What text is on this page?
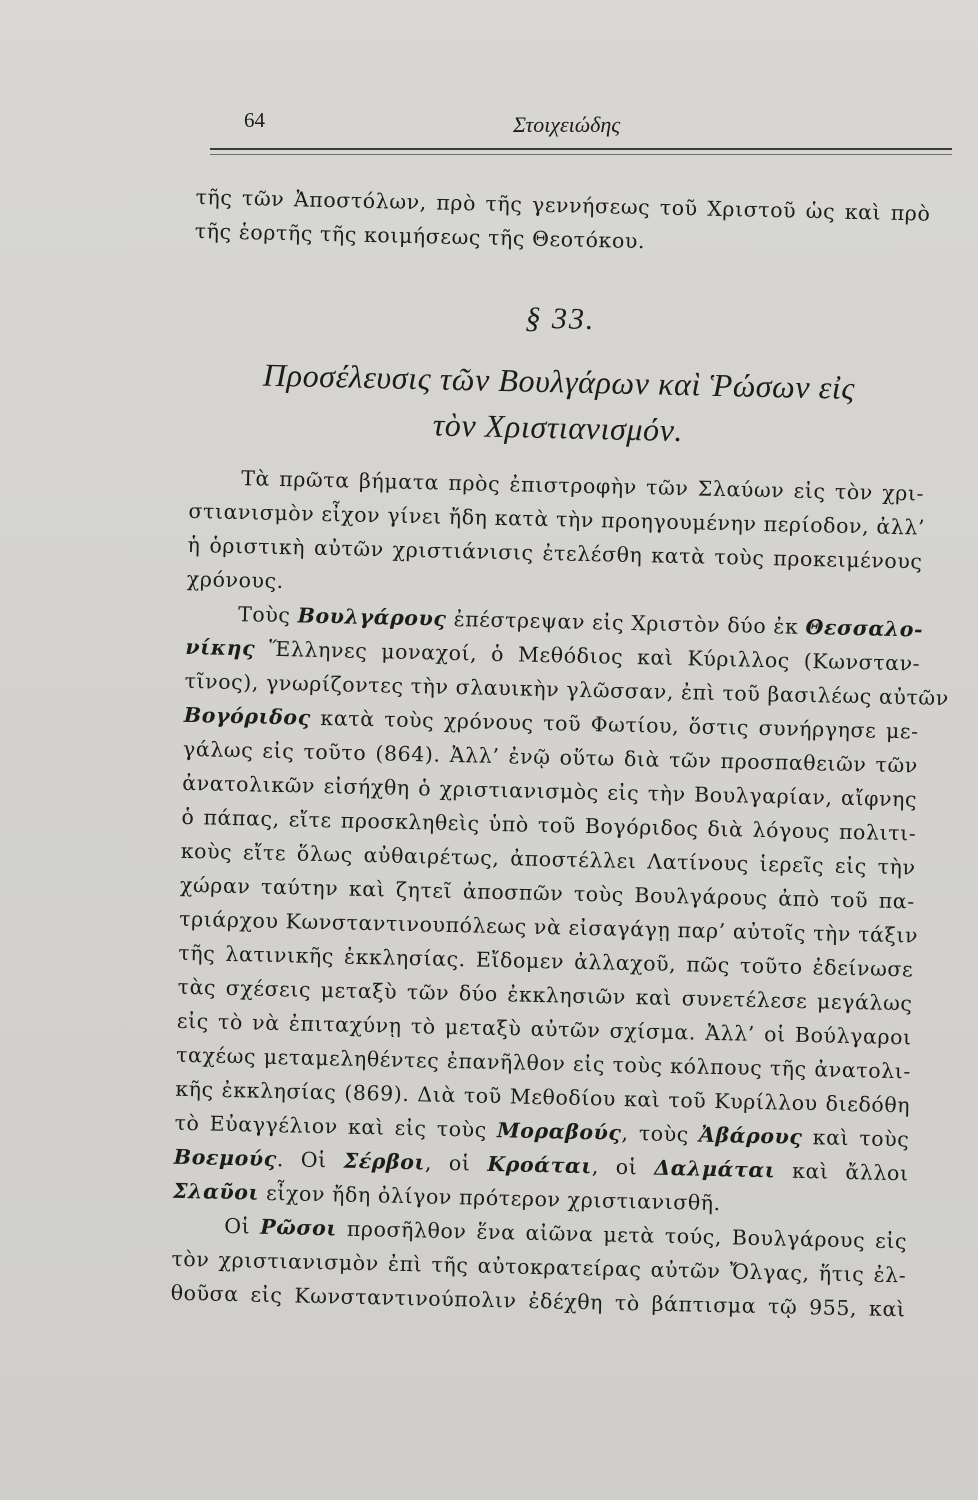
64	Στοιχειώδης
τῆς τῶν Ἀποστόλων, πρὸ τῆς γεννήσεως τοῦ Χριστοῦ ὡς καὶ πρὸ
τῆς ἑορτῆς τῆς κοιμήσεως τῆς Θεοτόκου.
§ 33.
Προσέλευσις τῶν Βουλγάρων καὶ Ῥώσων εἰς
τὸν Χριστιανισμόν.
Τὰ πρῶτα βήματα πρὸς ἐπιστροφὴν τῶν Σλαύων εἰς τὸν χρι-
στιανισμὸν εἶχον γίνει ἤδη κατὰ τὴν προηγουμένην περίοδον, ἀλλ’
ἡ ὁριστικὴ αὐτῶν χριστιάνισις ἐτελέσθη κατὰ τοὺς προκειμένους
χρόνους.
Τοὺς Βουλγάρους ἐπέστρεψαν εἰς Χριστὸν δύο ἐκ Θεσσαλο-
νίκης Ἕλληνες μοναχοί, ὁ Μεθόδιος καὶ Κύριλλος (Κωνσταν-
τῖνος), γνωρίζοντες τὴν σλαυικὴν γλῶσσαν, ἐπὶ τοῦ βασιλέως αὐτῶν
Βογόριδος κατὰ τοὺς χρόνους τοῦ Φωτίου, ὅστις συνήργησε με-
γάλως εἰς τοῦτο (864). Ἀλλ’ ἐνῷ οὕτω διὰ τῶν προσπαθειῶν τῶν
ἀνατολικῶν εἰσήχθη ὁ χριστιανισμὸς εἰς τὴν Βουλγαρίαν, αἴφνης
ὁ πάπας, εἴτε προσκληθεὶς ὑπὸ τοῦ Βογόριδος διὰ λόγους πολιτι-
κοὺς εἴτε ὅλως αὐθαιρέτως, ἀποστέλλει Λατίνους ἱερεῖς εἰς τὴν
χώραν ταύτην καὶ ζητεῖ ἀποσπῶν τοὺς Βουλγάρους ἀπὸ τοῦ πα-
τριάρχου Κωνσταντινουπόλεως νὰ εἰσαγάγῃ παρ’ αὐτοῖς τὴν τάξιν
τῆς λατινικῆς ἐκκλησίας. Εἴδομεν ἀλλαχοῦ, πῶς τοῦτο ἐδείνωσε
τὰς σχέσεις μεταξὺ τῶν δύο ἐκκλησιῶν καὶ συνετέλεσε μεγάλως
εἰς τὸ νὰ ἐπιταχύνῃ τὸ μεταξὺ αὐτῶν σχίσμα. Ἀλλ’ οἱ Βούλγαροι
ταχέως μεταμεληθέντες ἐπανῆλθον εἰς τοὺς κόλπους τῆς ἀνατολι-
κῆς ἐκκλησίας (869). Διὰ τοῦ Μεθοδίου καὶ τοῦ Κυρίλλου διεδόθη
τὸ Εὐαγγέλιον καὶ εἰς τοὺς Μοραβούς, τοὺς Ἀβάρους καὶ τοὺς
Βοεμούς. Οἱ Σέρβοι, οἱ Κροάται, οἱ Δαλμάται καὶ ἄλλοι
Σλαῦοι εἶχον ἤδη ὀλίγον πρότερον χριστιανισθῆ.
Οἱ Ρῶσοι προσῆλθον ἕνα αἰῶνα μετὰ τούς, Βουλγάρους εἰς
τὸν χριστιανισμὸν ἐπὶ τῆς αὐτοκρατείρας αὐτῶν Ὄλγας, ἥτις ἐλ-
θοῦσα εἰς Κωνσταντινούπολιν ἐδέχθη τὸ βάπτισμα τῷ 955, καὶ
